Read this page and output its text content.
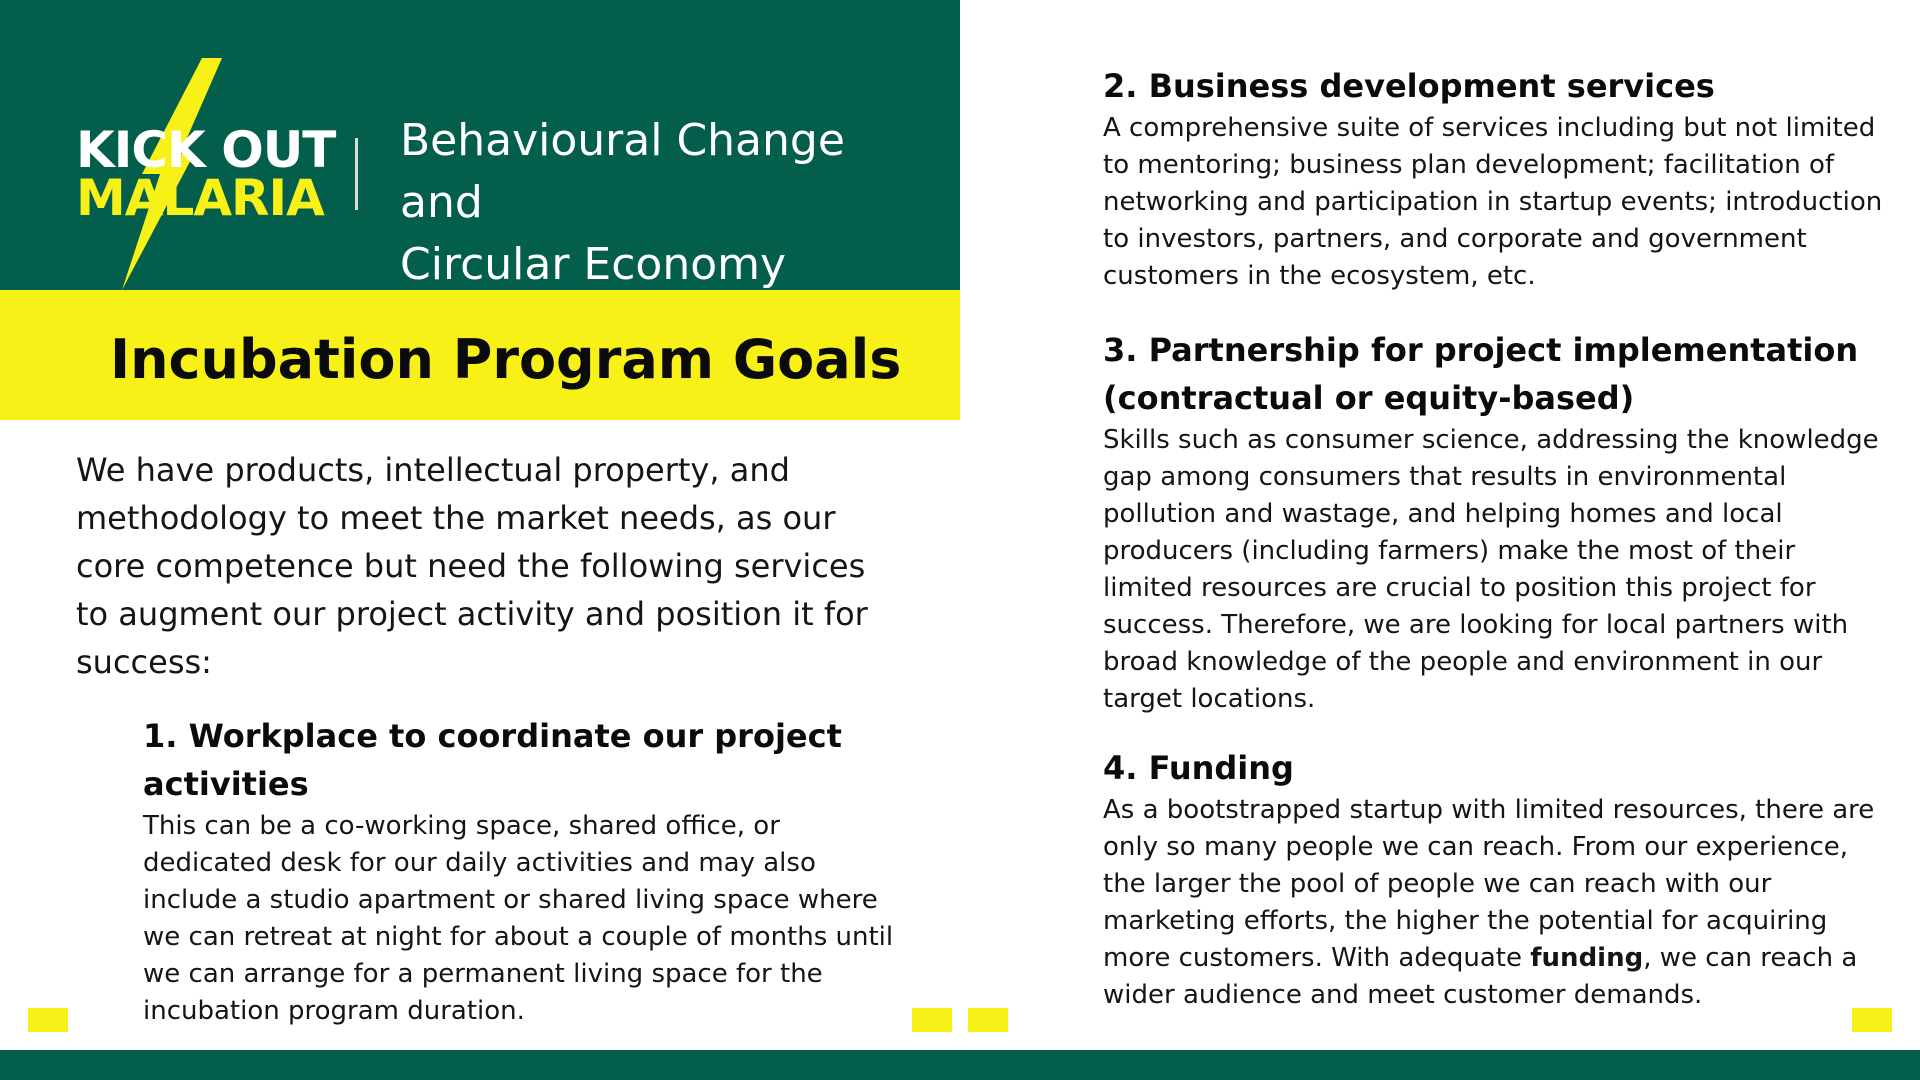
KICK OUT
MALARIA
Behavioural Change and
Circular Economy
Incubation Program Goals
We have products, intellectual property, and methodology to meet the market needs, as our core competence but need the following services to augment our project activity and position it for success:
1. Workplace to coordinate our project activities

This can be a co-working space, shared office, or dedicated desk for our daily activities and may also include a studio apartment or shared living space where we can retreat at night for about a couple of months until we can arrange for a permanent living space for the incubation program duration.

2. Business development services

A comprehensive suite of services including but not limited to mentoring; business plan development; facilitation of networking and participation in startup events; introduction to investors, partners, and corporate and government customers in the ecosystem, etc.

3. Partnership for project implementation (contractual or equity-based)

Skills such as consumer science, addressing the knowledge gap among consumers that results in environmental pollution and wastage, and helping homes and local producers (including farmers) make the most of their limited resources are crucial to position this project for success. Therefore, we are looking for local partners with broad knowledge of the people and environment in our target locations.

4. Funding

As a bootstrapped startup with limited resources, there are only so many people we can reach. From our experience, the larger the pool of people we can reach with our marketing efforts, the higher the potential for acquiring more customers. With adequate funding, we can reach a wider audience and meet customer demands.
